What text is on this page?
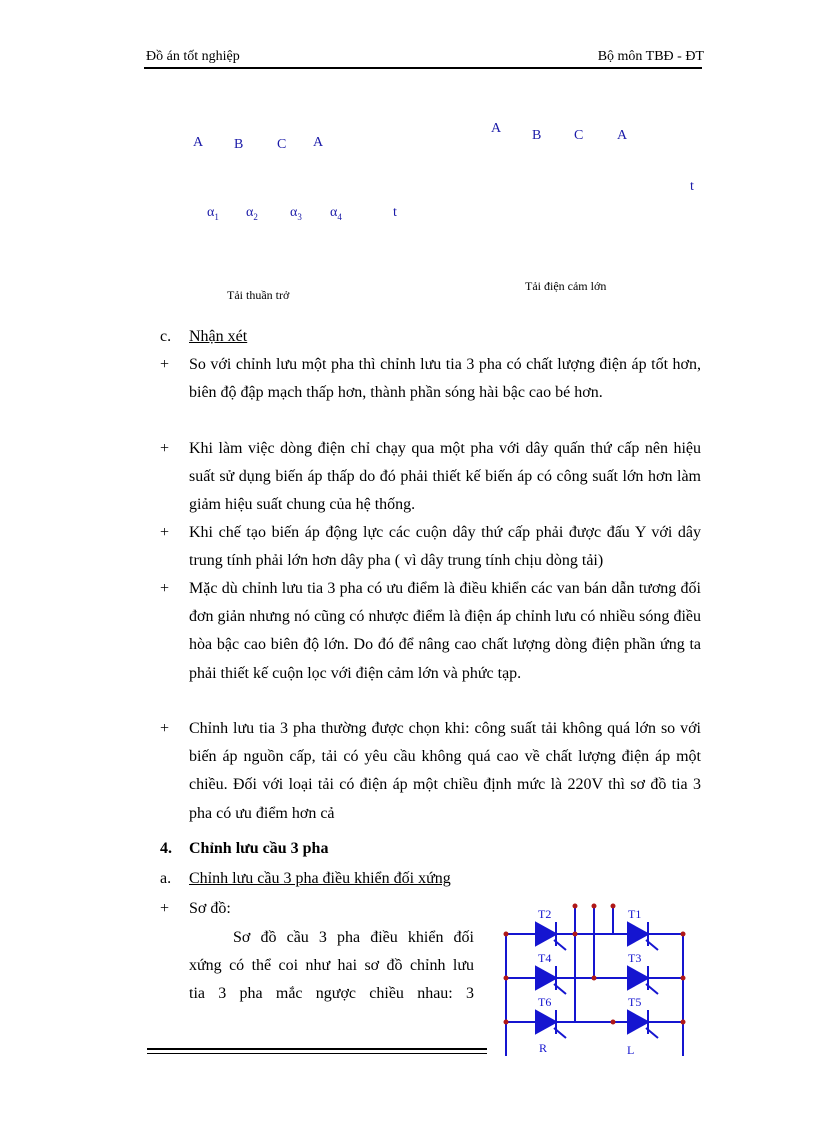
Đồ án tốt nghiệp	Bộ môn TBĐ - ĐT
A B C A
$\alpha_1$ $\alpha_2$ $\alpha_3$ $\alpha_4$	t
Tải thuần trở
A B C A
t
Tải điện cảm lớn
c.	Nhận xét
+	So với chỉnh lưu một pha thì chỉnh lưu tia 3 pha có chất lượng điện áp tốt hơn, biên độ đập mạch thấp hơn, thành phần sóng hài bậc cao bé hơn.
+	Khi làm việc dòng điện chỉ chạy qua một pha với dây quấn thứ cấp nên hiệu suất sử dụng biến áp thấp do đó phải thiết kế biến áp có công suất lớn hơn làm giảm hiệu suất chung của hệ thống.
+	Khi chế tạo biến áp động lực các cuộn dây thứ cấp phải được đấu Y với dây trung tính phải lớn hơn dây pha ( vì dây trung tính chịu dòng tải)
+	Mặc dù chỉnh lưu tia 3 pha có ưu điểm là điều khiển các van bán dẫn tương đối đơn giản nhưng nó cũng có nhược điểm là điện áp chỉnh lưu có nhiều sóng điều hòa bậc cao biên độ lớn. Do đó để nâng cao chất lượng dòng điện phần ứng ta phải thiết kế cuộn lọc với điện cảm lớn và phức tạp.
+	Chỉnh lưu tia 3 pha thường được chọn khi: công suất tải không quá lớn so với biến áp nguồn cấp, tải có yêu cầu không quá cao về chất lượng điện áp một chiều. Đối với loại tải có điện áp một chiều định mức là 220V thì sơ đồ tia 3 pha có ưu điểm hơn cả
4.	Chỉnh lưu cầu 3 pha
a.	Chỉnh lưu cầu 3 pha điều khiển đối xứng
+	Sơ đồ:
Sơ đồ cầu 3 pha điều khiển đối
xứng có thể coi như hai sơ đồ chỉnh lưu
tia 3 pha mắc ngược chiều nhau: 3
T2	T1
T4	T3
T6	T5
R	L
